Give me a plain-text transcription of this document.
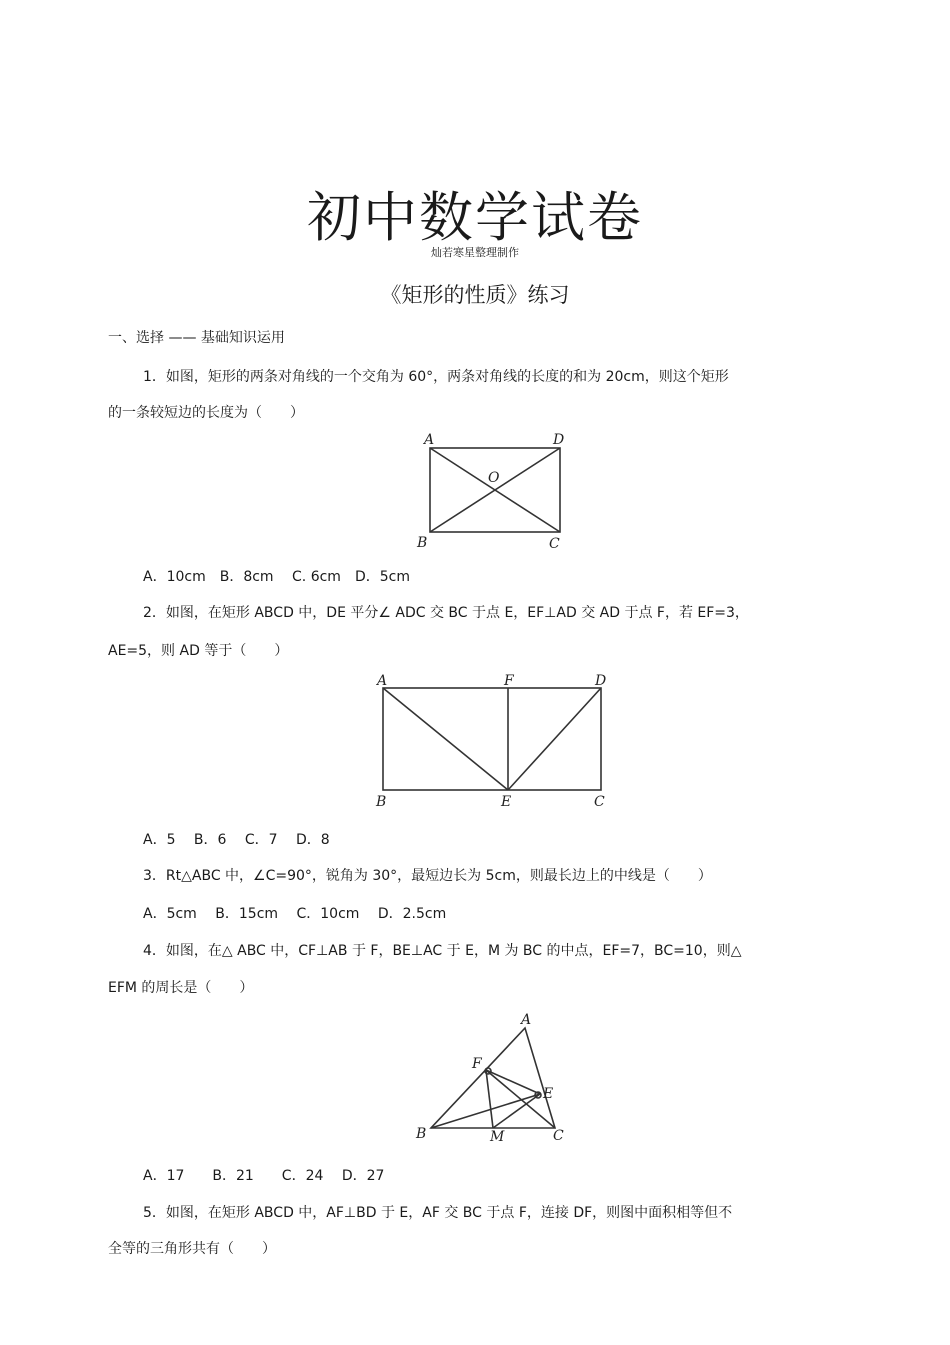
初中数学试卷
灿若寒星整理制作
《矩形的性质》练习
一、选择 —— 基础知识运用
1．如图，矩形的两条对角线的一个交角为 60°，两条对角线的长度的和为 20cm，则这个矩形
的一条较短边的长度为（　　）
A	D
O
B	C
A．10cm　B．8cm　 C. 6cm　D．5cm
2．如图，在矩形 ABCD 中，DE 平分∠ ADC 交 BC 于点 E，EF⊥AD 交 AD 于点 F，若 EF=3，
AE=5，则 AD 等于（　　）
A	F	D
B	E	C
A．5　 B．6　 C．7　 D．8
3．Rt△ABC 中，∠C=90°，锐角为 30°，最短边长为 5cm，则最长边上的中线是（　　）
A．5cm　 B．15cm　 C．10cm　 D．2.5cm
4．如图，在△ ABC 中，CF⊥AB 于 F，BE⊥AC 于 E，M 为 BC 的中点，EF=7，BC=10，则△
EFM 的周长是（　　）
A
F
E
B	M	C
A．17　　B．21　　C．24　 D．27
5．如图，在矩形 ABCD 中，AF⊥BD 于 E，AF 交 BC 于点 F，连接 DF，则图中面积相等但不
全等的三角形共有（　　）
